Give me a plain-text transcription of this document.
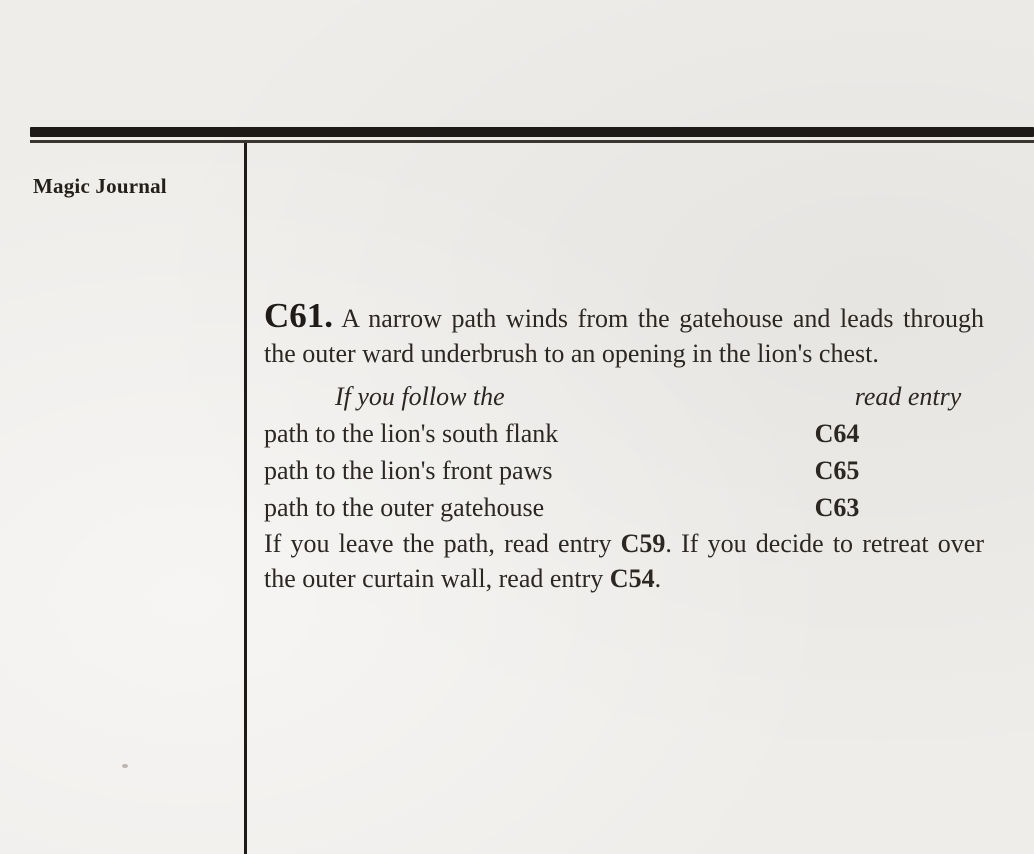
Magic Journal

C61. A narrow path winds from the gatehouse and leads through the outer ward underbrush to an opening in the lion's chest.

If you follow the	read entry
path to the lion's south flank	C64
path to the lion's front paws	C65
path to the outer gatehouse	C63

If you leave the path, read entry C59. If you decide to retreat over the outer curtain wall, read entry C54.
